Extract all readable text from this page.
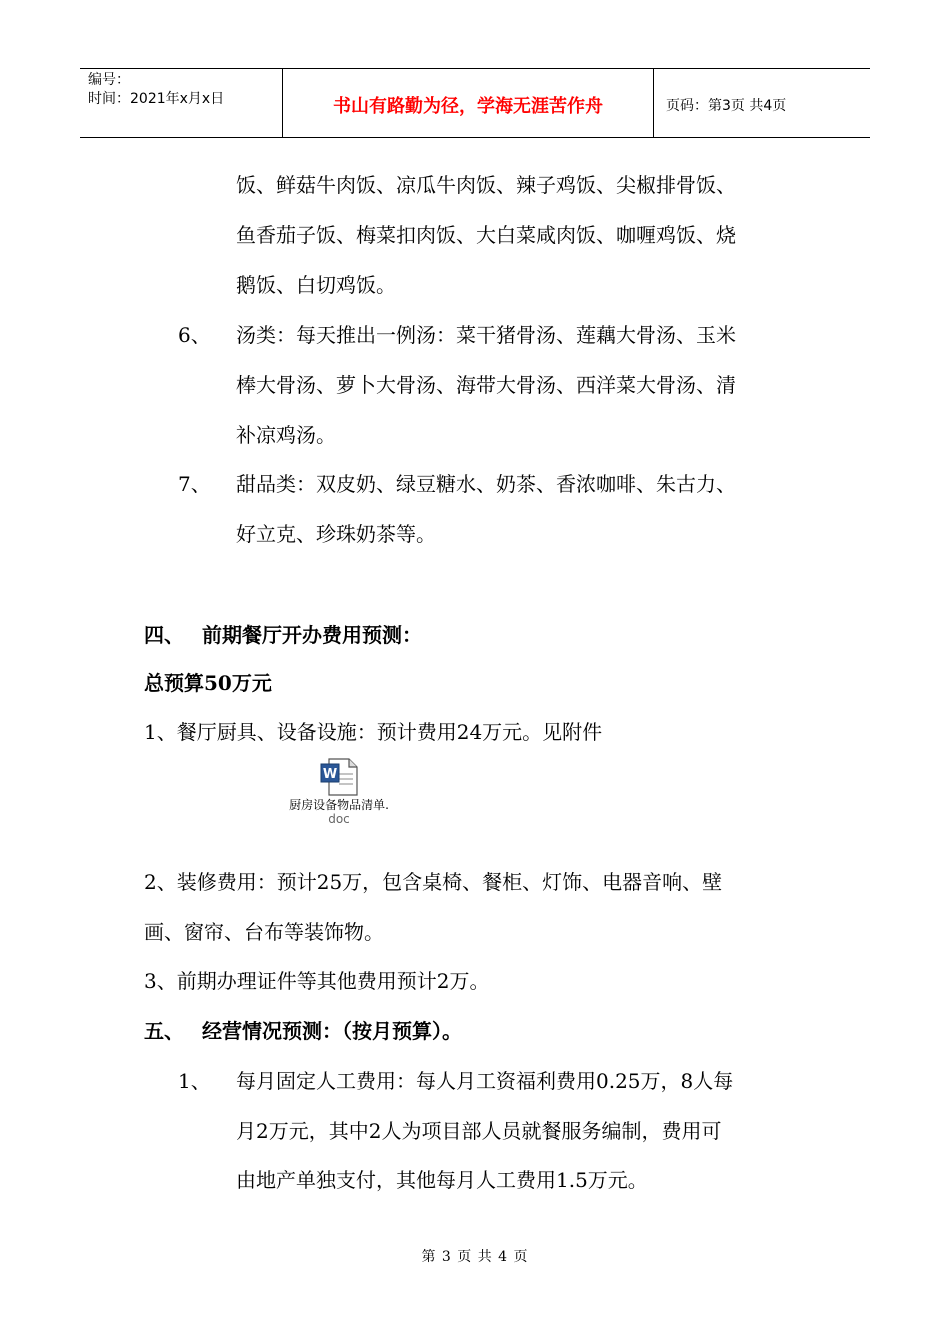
编号：
时间：2021年x月x日	书山有路勤为径，学海无涯苦作舟	页码：第3页 共4页
饭、鲜菇牛肉饭、凉瓜牛肉饭、辣子鸡饭、尖椒排骨饭、
鱼香茄子饭、梅菜扣肉饭、大白菜咸肉饭、咖喱鸡饭、烧
鹅饭、白切鸡饭。
6、 汤类：每天推出一例汤：菜干猪骨汤、莲藕大骨汤、玉米
棒大骨汤、萝卜大骨汤、海带大骨汤、西洋菜大骨汤、清
补凉鸡汤。
7、 甜品类：双皮奶、绿豆糖水、奶茶、香浓咖啡、朱古力、
好立克、珍珠奶茶等。
四、 前期餐厅开办费用预测：
总预算50万元
1、餐厅厨具、设备设施：预计费用24万元。见附件
W
厨房设备物品清单.
doc
2、装修费用：预计25万，包含桌椅、餐柜、灯饰、电器音响、壁
画、窗帘、台布等装饰物。
3、前期办理证件等其他费用预计2万。
五、 经营情况预测：（按月预算）。
1、 每月固定人工费用：每人月工资福利费用0.25万，8人每
月2万元，其中2人为项目部人员就餐服务编制，费用可
由地产单独支付，其他每月人工费用1.5万元。
第 3 页 共 4 页
